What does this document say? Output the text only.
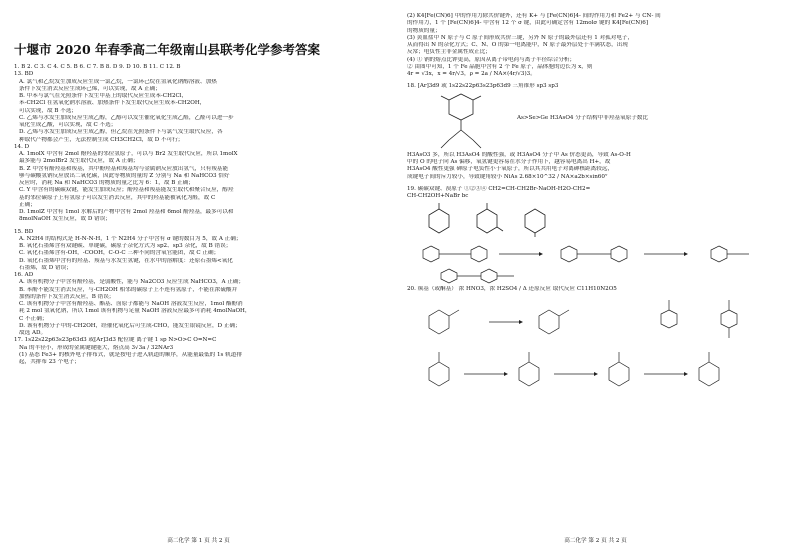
十堰市 2020 年春季高二年级南山县联考化学参考答案
1. B 2. C 3. C 4. C 5. B 6. C 7. B 8. D 9. D 10. B 11. C 12. B
13. BD
A. 氯气和乙烷发生加成反应生成一氯乙烷，一氯环己烷在氢氧化钠醇溶液、加热
条件下发生消去反应生成环己烯，可以实现，故 A 正确；
B. 甲苯与氯气在光照条件下发生甲基上的取代反应生成苯-CH2Cl，
苯-CH2Cl 在氢氧化钠水溶液、加热条件下发生取代反应生成苯-CH2OH，
可以实现，故 B 不选；
C. 乙烯与水发生加成反应生成乙醇，乙醇可以发生催化氧化生成乙醛，乙醛可以进一步
氧化生成乙酸，可以实现，故 C 不选；
D. 乙烯与水发生加成反应生成乙醇，但乙烷在光照条件下与氯气发生取代反应，各
种取代产物都会产生，无法控制生成 CH3CH2Cl，故 D 不可行；
14. D
A. 1molX 中含有 2mol 酚羟基的邻位氢原子，可以与 Br2 发生取代反应，所以 1molX
最多能与 2molBr2 发生取代反应，故 A 正确；
B. Z 中含有酚羟基和羧基，其中酚羟基和羧基均与金属钠反应放出氢气，只有羧基能
够与碳酸氢钠反应放出二氧化碳，因此等物质的量的 Z 分别与 Na 和 NaHCO3 恰好
反应时，消耗 Na 和 NaHCO3 的物质的量之比为 6：1，故 B 正确；
C. Y 中含有的碳碳双键，能发生加成反应；酚羟基和羧基能发生取代和聚合反应，醇羟
基的邻位碳原子上有氢原子可以发生消去反应，其中的羟基能被氧化为醛，故 C
正确；
D. 1molZ 中含有 1mol 水解后的产物中含有 2mol 羟基和 6mol 酚羟基，最多可以和
8molNaOH 发生反应，故 D 错误；
15. BD
A. N2H4 的结构式是 H-N-N-H，1 个 N2H4 分子中含有 σ 键的数目为 5，故 A 正确；
B. 氧化石墨烯含有双键碳、单键碳，碳原子杂化方式为 sp2、sp3 杂化，故 B 错误；
C. 氧化石墨烯含有-OH，-COOH，C-O-C 三种不同的含氧官能团，故 C 正确；
D. 氧化石墨烯中含有的羟基、羧基与水发生氢键，在水中的溶解度：还原石墨烯<氧化
石墨烯，故 D 错误；
16. AD
A. 该有机物分子中含有酚羟基，是弱酸性，能与 Na2CO3 反应生成 NaHCO3，A 正确；
B. 苯酚不能发生消去反应，与-CH2OH 相邻的碳原子上不连有氢原子，不能在浓硫酸并
加热的条件下发生消去反应，B 错误；
C. 该有机物分子中含有酚羟基、酯基、卤原子都能与 NaOH 溶液发生反应，1mol 酯酚消
耗 2 mol 氢氧化钠，所以 1mol 该有机物与足量 NaOH 溶液反应最多可消耗 4molNaOH，
C 不正确；
D. 该有机物分子中的-CH2OH，经催化氧化后可生成-CHO，能发生银镜反应，D 正确；
故选 AD。
17. 1s22s22p63s23p63d3 或[Ar]3d3 配位键 离子键 1 sp N>O>C O=N=C
Na 的半径小，形成的金属键键能大，熔点高 3√3a / 32NAr3
(1) 基态 Fe3+ 的核外电子排布式，就是按电子进入轨道的顺序，从能量最低的 1s 轨道排
起，共排布 23 个电子；
高二化学 第 1 页 共 2 页
(2) K4[Fe(CN)6] 中的作用力除共价键外，还有 K+ 与 [Fe(CN)6]4- 间的作用力和 Fe2+ 与 CN- 间
的作用力，1 个 [Fe(CN)6]4- 中含有 12 个 σ 键，由此可确定含有 12molσ 键的 K4[Fe(CN)6]
的物质的量；
(3) 黄血盐中 N 原子与 C 原子间形成共价三键，另外 N 原子的最外层还有 1 对孤对电子，
从而得出 N 的杂化方式；C、N、O 的第一电离能中，N 原子最外层处于半满状态，出现
反常；电负性主非金属性成正比；
(4) ① 钠的熔点比钾更高，原因从离子带电荷与离子半径综合分析；
② 由图中可知，1 个 Fe 晶胞中含有 2 个 Fe 原子，晶体胞的边长为 x，则
4r = √3x，x = 4r/√3，ρ = 2a / NA×(4r/√3)3。
18. [Ar]3d9 或 1s22s22p63s23p63d9 三角锥形 sp3 sp3
As>Se>Ge H3AsO4 分子结构中非羟基氧原子数比
H3AsO3 多，所以 H3AsO4 的酸性强，或 H3AsO4 分子中 As 价态更高，导致 As-O-H
中的 O 的电子向 As 偏移，氧氢键更容易在水分子作用下，越容易电离出 H+，故
H3AsO4 酸性更强 砷原子电负性小于氧原子，所以其共用电子对离砷核距离较远，
成键电子间的斥力较小，导致键角较小 NiAs 2.68×10^32 / NA×a2b×sin60°
19. 碳碳双键、溴原子 ①②③④ CH2=CH-CH2Br-NaOH-H2O-CH2=
CH-CH2OH+NaBr bc
20. 羰基（或酮基） 浓 HNO3，浓 H2SO4 / Δ 还原反应 取代反应 C11H10N2O5
高二化学 第 2 页 共 2 页
